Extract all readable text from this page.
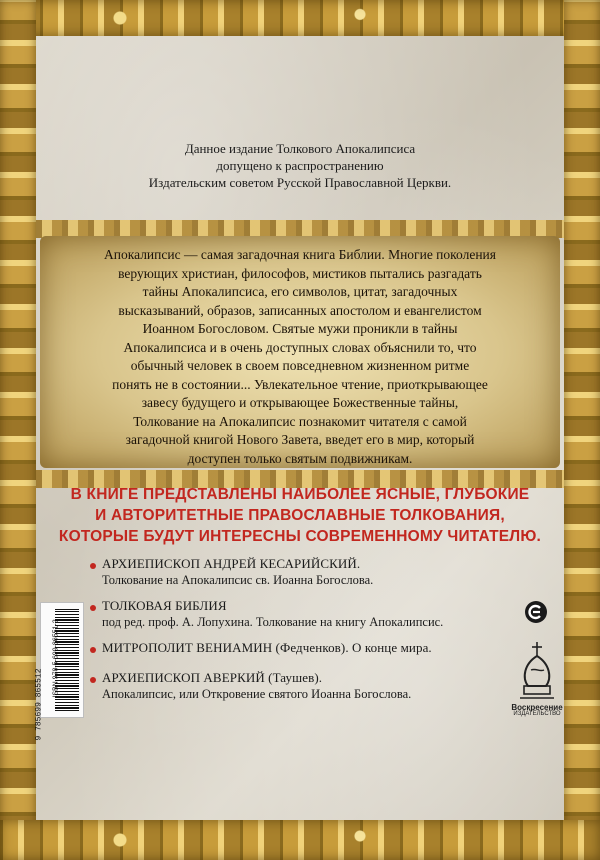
Данное издание Толкового Апокалипсиса
допущено к распространению
Издательским советом Русской Православной Церкви.
Апокалипсис — самая загадочная книга Библии. Многие поколения
верующих христиан, философов, мистиков пытались разгадать
тайны Апокалипсиса, его символов, цитат, загадочных
высказываний, образов, записанных апостолом и евангелистом
Иоанном Богословом. Святые мужи проникли в тайны
Апокалипсиса и в очень доступных словах объяснили то, что
обычный человек в своем повседневном жизненном ритме
понять не в состоянии... Увлекательное чтение, приоткрывающее
завесу будущего и открывающее Божественные тайны,
Толкование на Апокалипсис познакомит читателя с самой
загадочной книгой Нового Завета, введет его в мир, который
доступен только святым подвижникам.
В КНИГЕ ПРЕДСТАВЛЕНЫ НАИБОЛЕЕ ЯСНЫЕ, ГЛУБОКИЕ
И АВТОРИТЕТНЫЕ ПРАВОСЛАВНЫЕ ТОЛКОВАНИЯ,
КОТОРЫЕ БУДУТ ИНТЕРЕСНЫ СОВРЕМЕННОМУ ЧИТАТЕЛЮ.
АРХИЕПИСКОП АНДРЕЙ КЕСАРИЙСКИЙ.
Толкование на Апокалипсис св. Иоанна Богослова.
ТОЛКОВАЯ БИБЛИЯ
под ред. проф. А. Лопухина. Толкование на книгу Апокалипсис.
МИТРОПОЛИТ ВЕНИАМИН (Федченков). О конце мира.
АРХИЕПИСКОП АВЕРКИЙ (Таушев).
Апокалипсис, или Откровение святого Иоанна Богослова.
ISBN 978-5-699-86551-2
9 785699 865512	Воскресение
ИЗДАТЕЛЬСТВО
